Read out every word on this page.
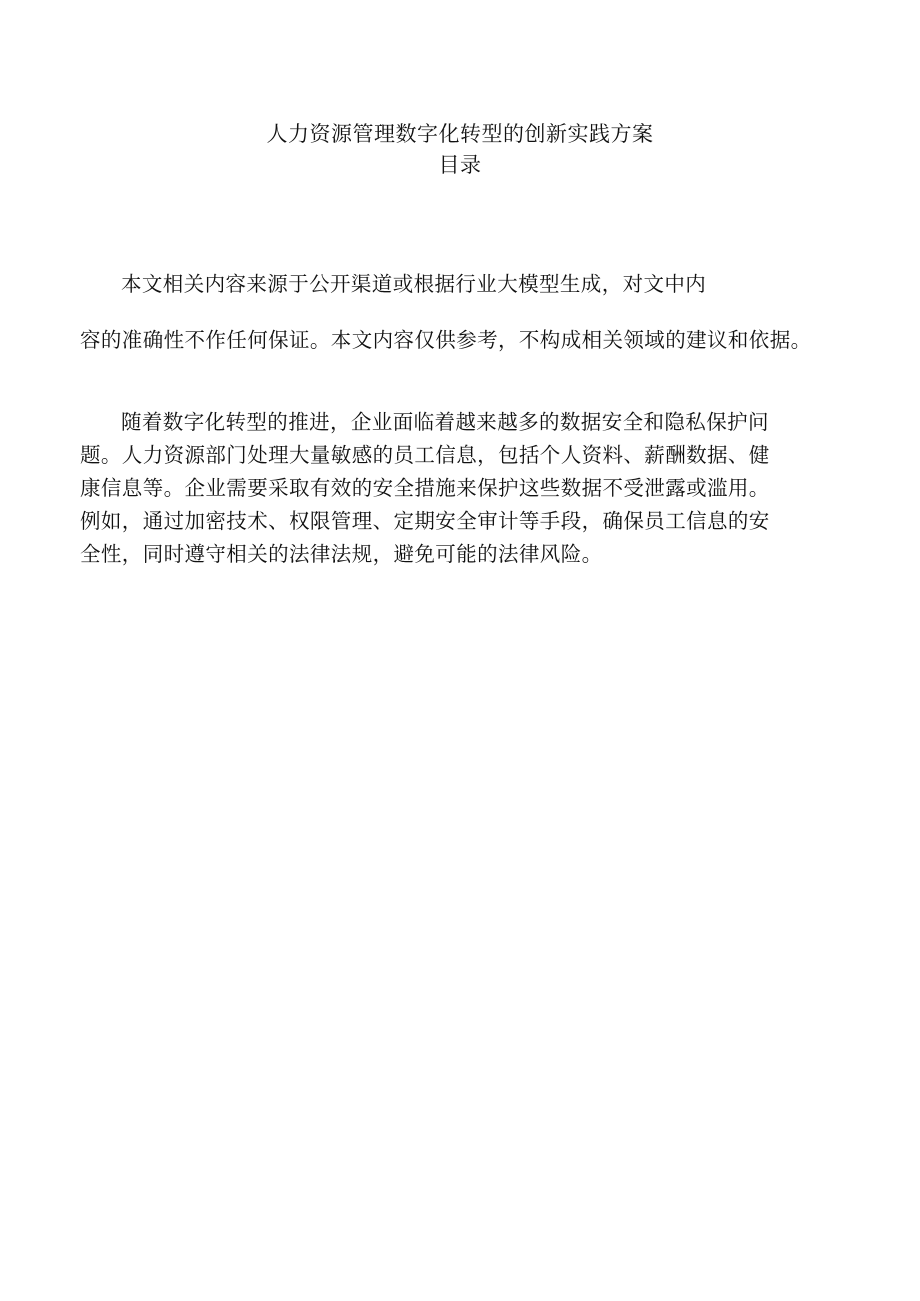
人力资源管理数字化转型的创新实践方案
目录

本文相关内容来源于公开渠道或根据行业大模型生成，对文中内
容的准确性不作任何保证。本文内容仅供参考，不构成相关领域的建议和依据。

随着数字化转型的推进，企业面临着越来越多的数据安全和隐私保护问
题。人力资源部门处理大量敏感的员工信息，包括个人资料、薪酬数据、健
康信息等。企业需要采取有效的安全措施来保护这些数据不受泄露或滥用。
例如，通过加密技术、权限管理、定期安全审计等手段，确保员工信息的安
全性，同时遵守相关的法律法规，避免可能的法律风险。
